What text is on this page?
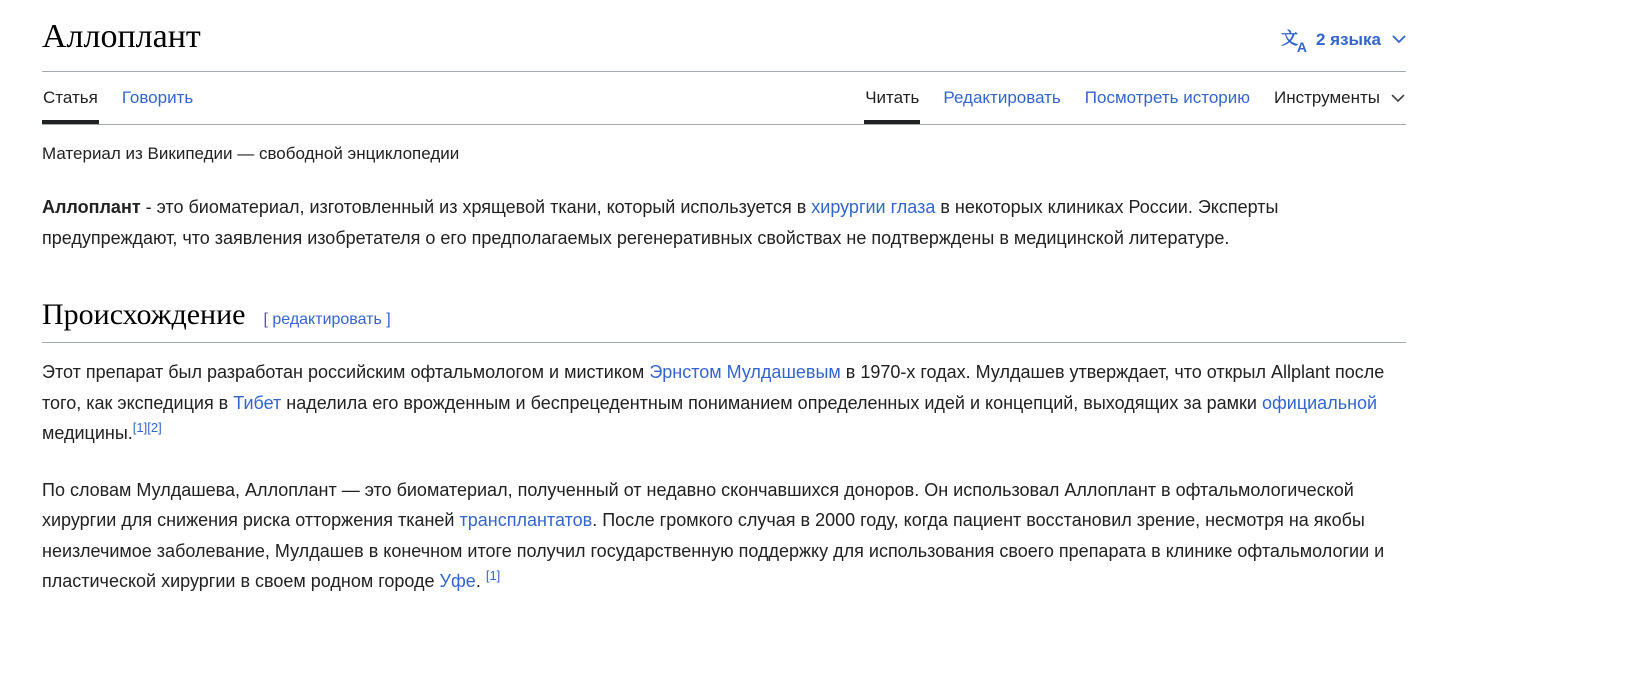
Аллоплант	文
A 2 языка
Статья Говорить	Читать Редактировать Посмотреть историю Инструменты
Материал из Википедии — свободной энциклопедии

Аллоплант - это биоматериал, изготовленный из хрящевой ткани, который используется в хирургии глаза в некоторых клиниках России. Эксперты предупреждают, что заявления изобретателя о его предполагаемых регенеративных свойствах не подтверждены в медицинской литературе.

Происхождение [ редактировать ]

Этот препарат был разработан российским офтальмологом и мистиком Эрнстом Мулдашевым в 1970-х годах. Мулдашев утверждает, что открыл Allplant после того, как экспедиция в Тибет наделила его врожденным и беспрецедентным пониманием определенных идей и концепций, выходящих за рамки официальной медицины.[1][2]

По словам Мулдашева, Аллоплант — это биоматериал, полученный от недавно скончавшихся доноров. Он использовал Аллоплант в офтальмологической хирургии для снижения риска отторжения тканей трансплантатов. После громкого случая в 2000 году, когда пациент восстановил зрение, несмотря на якобы неизлечимое заболевание, Мулдашев в конечном итоге получил государственную поддержку для использования своего препарата в клинике офтальмологии и пластической хирургии в своем родном городе Уфе. [1]
